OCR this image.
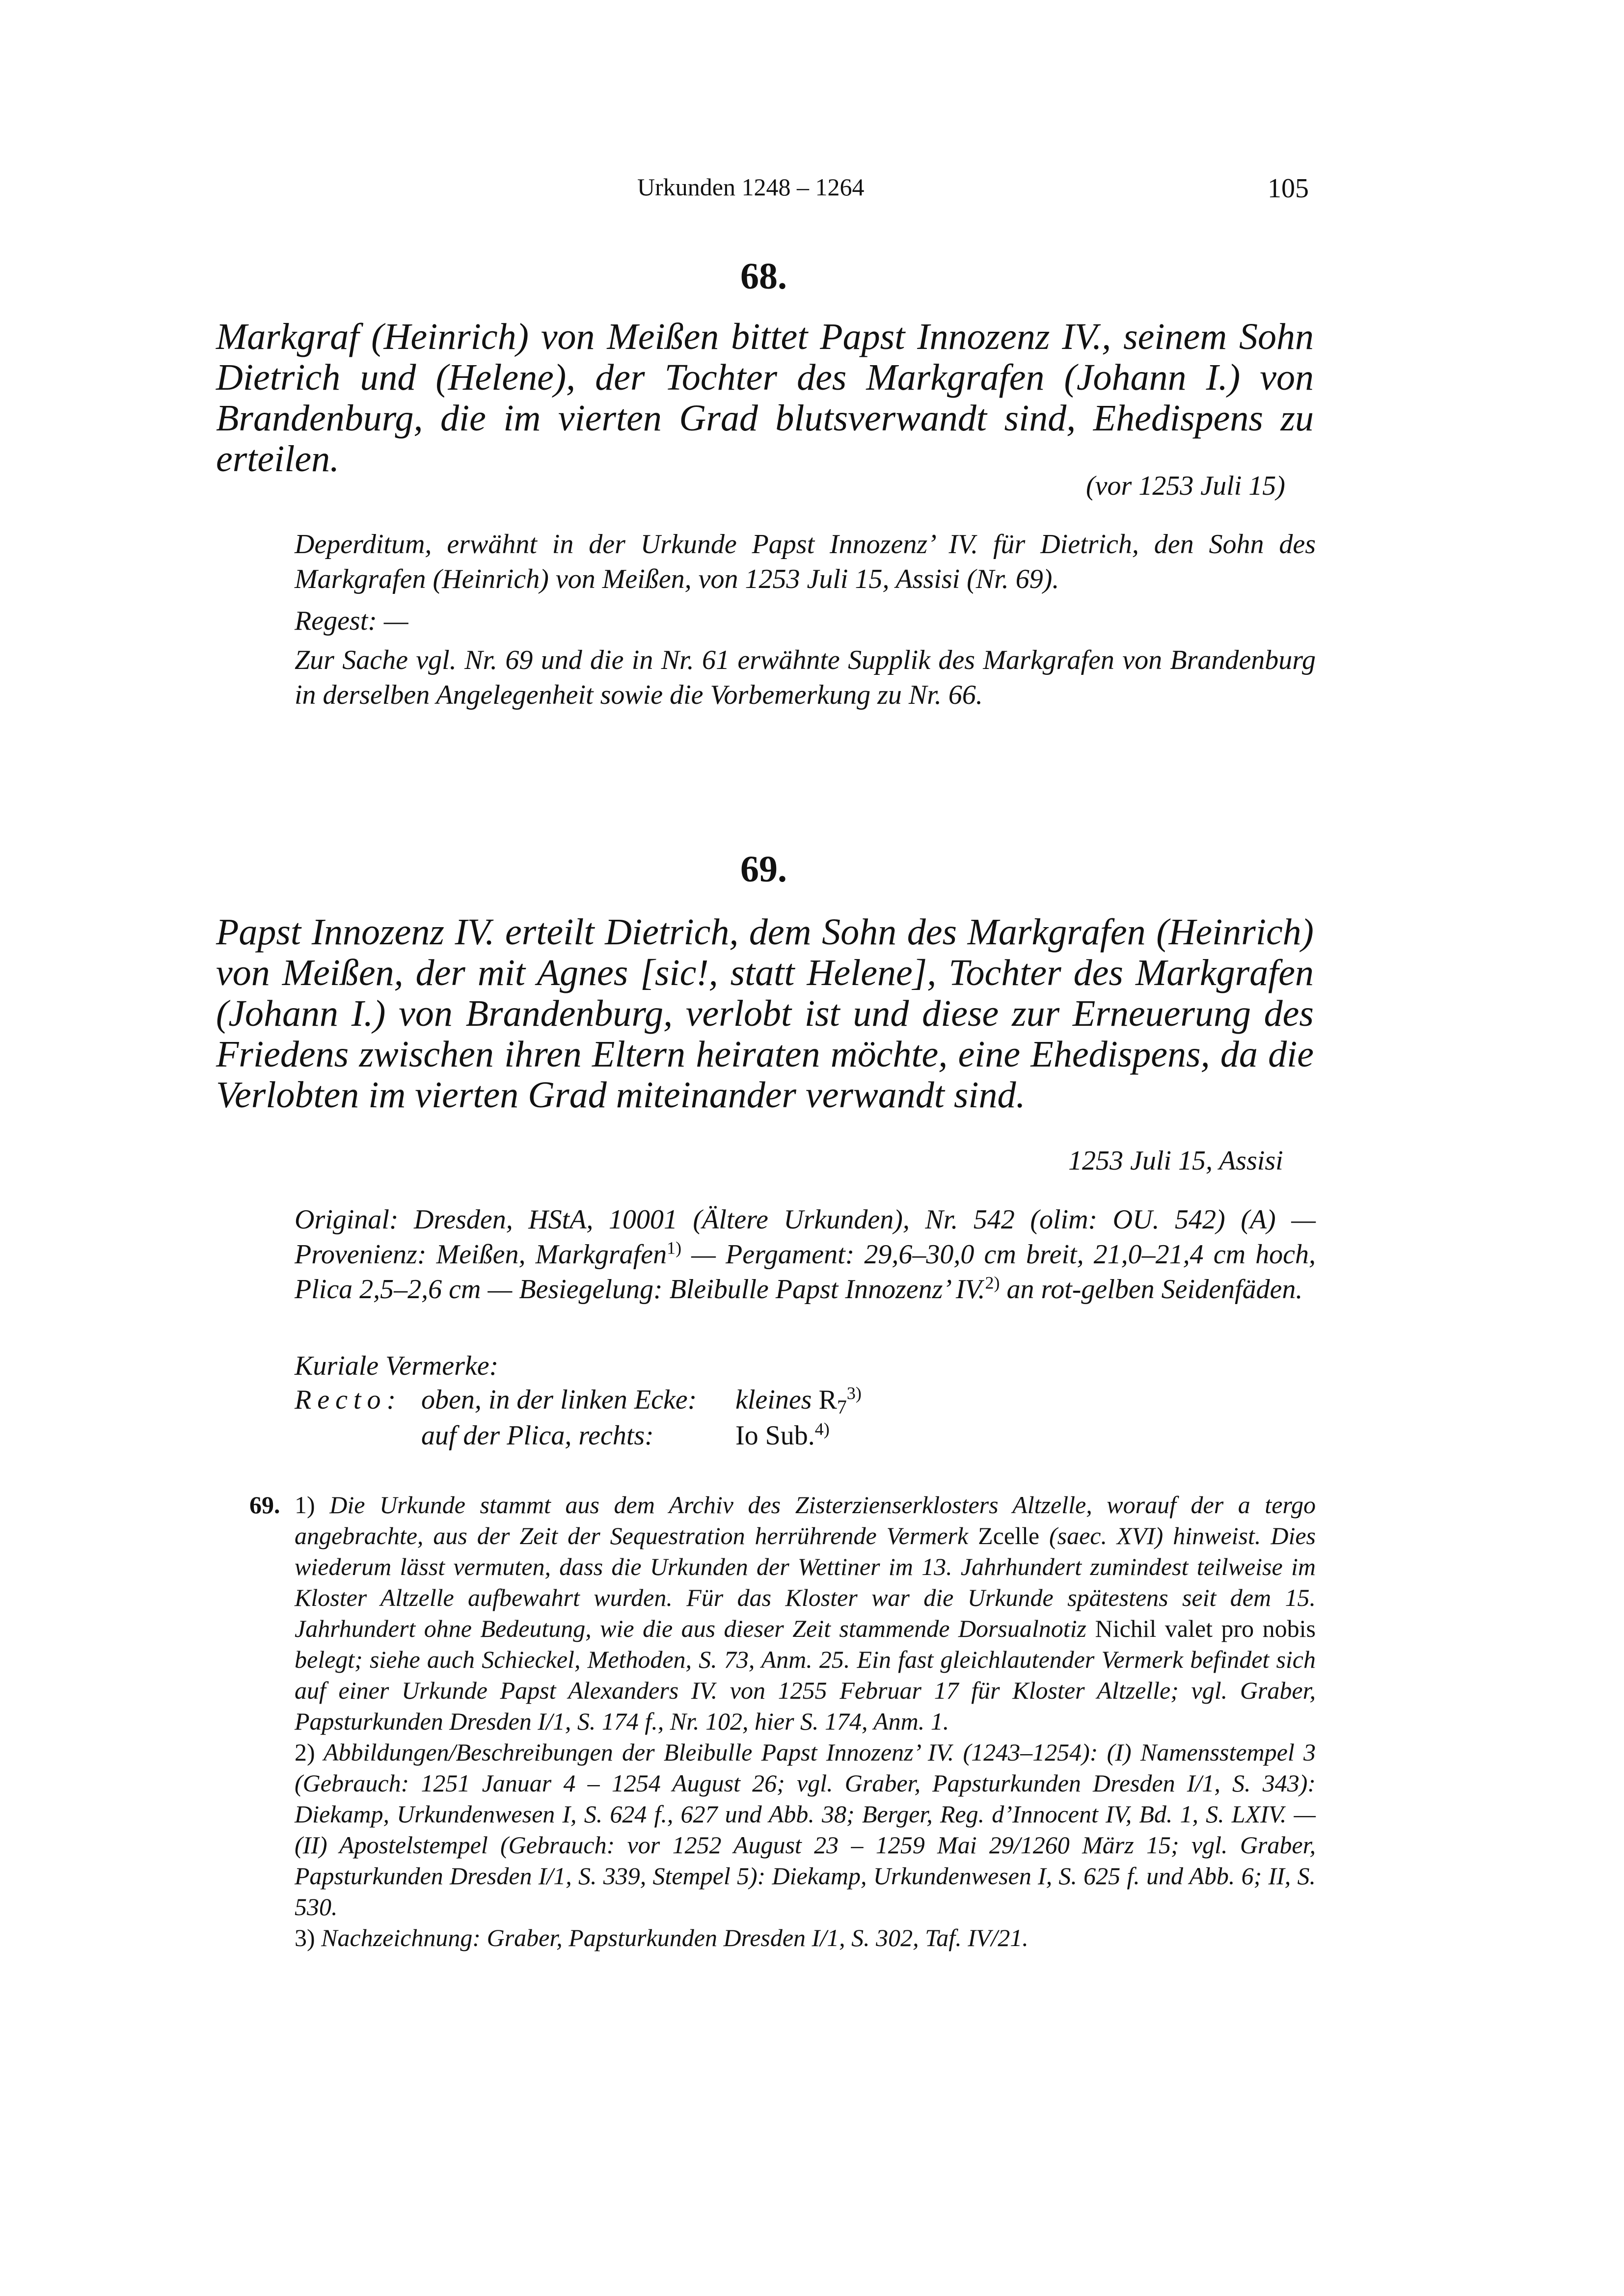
Urkunden 1248 – 1264	105
68.
Markgraf (Heinrich) von Meißen bittet Papst Innozenz IV., seinem Sohn Dietrich und (Helene), der Tochter des Markgrafen (Johann I.) von Brandenburg, die im vierten Grad blutsverwandt sind, Ehedispens zu erteilen.
(vor 1253 Juli 15)
Deperditum, erwähnt in der Urkunde Papst Innozenz’ IV. für Dietrich, den Sohn des Markgrafen (Heinrich) von Meißen, von 1253 Juli 15, Assisi (Nr. 69).
Regest: —
Zur Sache vgl. Nr. 69 und die in Nr. 61 erwähnte Supplik des Markgrafen von Brandenburg in derselben Angelegenheit sowie die Vorbemerkung zu Nr. 66.
69.
Papst Innozenz IV. erteilt Dietrich, dem Sohn des Markgrafen (Heinrich) von Meißen, der mit Agnes [sic!, statt Helene], Tochter des Markgrafen (Johann I.) von Brandenburg, verlobt ist und diese zur Erneuerung des Friedens zwischen ihren Eltern heiraten möchte, eine Ehedispens, da die Verlobten im vierten Grad miteinander verwandt sind.
1253 Juli 15, Assisi
Original: Dresden, HStA, 10001 (Ältere Urkunden), Nr. 542 (olim: OU. 542) (A) — Provenienz: Meißen, Markgrafen$^{1)}$ — Pergament: 29,6–30,0 cm breit, 21,0–21,4 cm hoch, Plica 2,5–2,6 cm — Besiegelung: Bleibulle Papst Innozenz’ IV.$^{2)}$ an rot-gelben Seidenfäden.
Kuriale Vermerke:
Recto: oben, in der linken Ecke: kleines R7$^{3)}$
auf der Plica, rechts:	Io Sub.$^{4)}$
69. 1) Die Urkunde stammt aus dem Archiv des Zisterzienserklosters Altzelle, worauf der a tergo angebrachte, aus der Zeit der Sequestration herrührende Vermerk Zcelle (saec. XVI) hinweist. Dies wiederum lässt vermuten, dass die Urkunden der Wettiner im 13. Jahrhundert zumindest teilweise im Kloster Altzelle aufbewahrt wurden. Für das Kloster war die Urkunde spätestens seit dem 15. Jahrhundert ohne Bedeutung, wie die aus dieser Zeit stammende Dorsualnotiz Nichil valet pro nobis belegt; siehe auch Schieckel, Methoden, S. 73, Anm. 25. Ein fast gleichlautender Vermerk befindet sich auf einer Urkunde Papst Alexanders IV. von 1255 Februar 17 für Kloster Altzelle; vgl. Graber, Papsturkunden Dresden I/1, S. 174 f., Nr. 102, hier S. 174, Anm. 1.
2) Abbildungen/Beschreibungen der Bleibulle Papst Innozenz’ IV. (1243–1254): (I) Namensstempel 3 (Gebrauch: 1251 Januar 4 – 1254 August 26; vgl. Graber, Papsturkunden Dresden I/1, S. 343): Diekamp, Urkundenwesen I, S. 624 f., 627 und Abb. 38; Berger, Reg. d’Innocent IV, Bd. 1, S. LXIV. — (II) Apostelstempel (Gebrauch: vor 1252 August 23 – 1259 Mai 29/1260 März 15; vgl. Graber, Papsturkunden Dresden I/1, S. 339, Stempel 5): Diekamp, Urkundenwesen I, S. 625 f. und Abb. 6; II, S. 530.
3) Nachzeichnung: Graber, Papsturkunden Dresden I/1, S. 302, Taf. IV/21.
